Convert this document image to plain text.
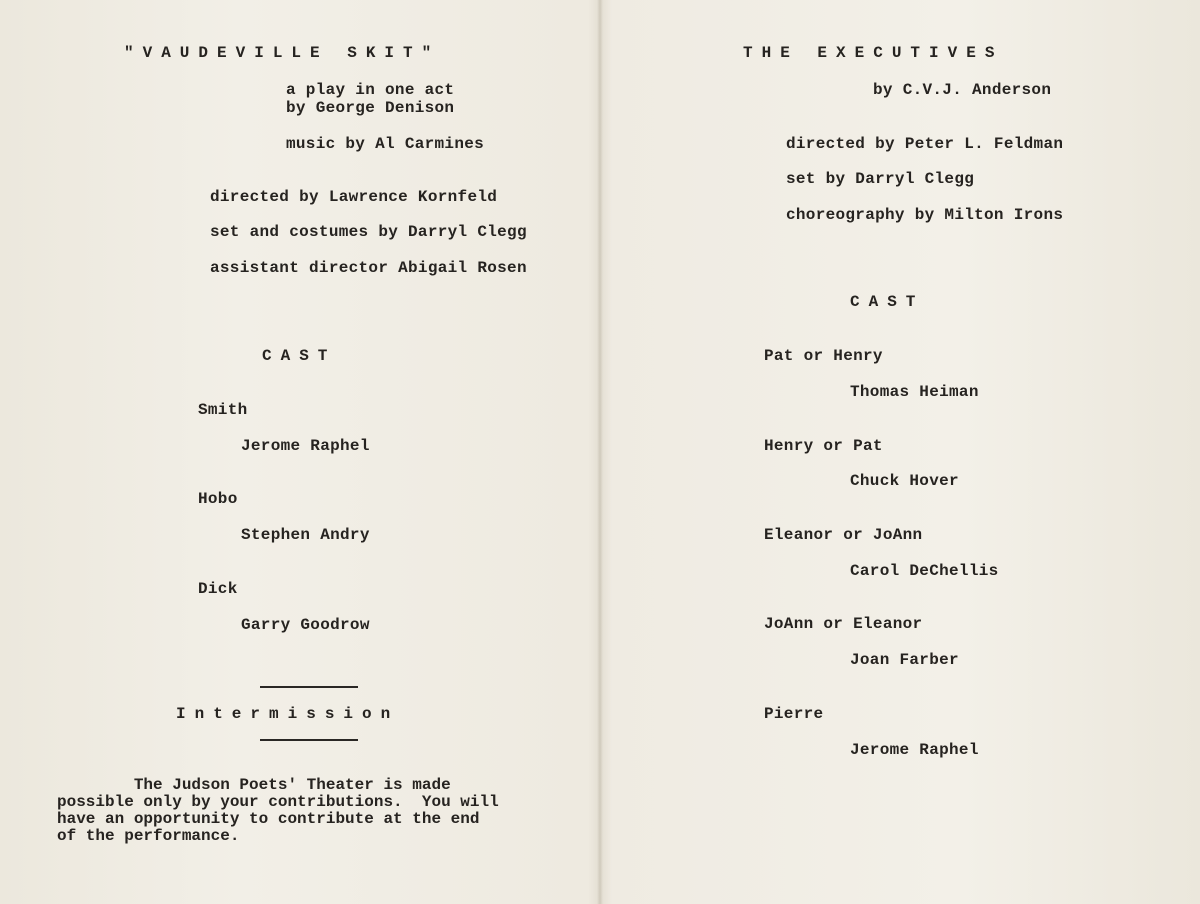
"VAUDEVILLE SKIT"
a play in one act
by George Denison
music by Al Carmines
directed by Lawrence Kornfeld
set and costumes by Darryl Clegg
assistant director Abigail Rosen
CAST
Smith
Jerome Raphel
Hobo
Stephen Andry
Dick
Garry Goodrow
Intermission
The Judson Poets' Theater is made
possible only by your contributions.  You will
have an opportunity to contribute at the end
of the performance.
THE EXECUTIVES
by C.V.J. Anderson
directed by Peter L. Feldman
set by Darryl Clegg
choreography by Milton Irons
CAST
Pat or Henry
Thomas Heiman
Henry or Pat
Chuck Hover
Eleanor or JoAnn
Carol DeChellis
JoAnn or Eleanor
Joan Farber
Pierre
Jerome Raphel
